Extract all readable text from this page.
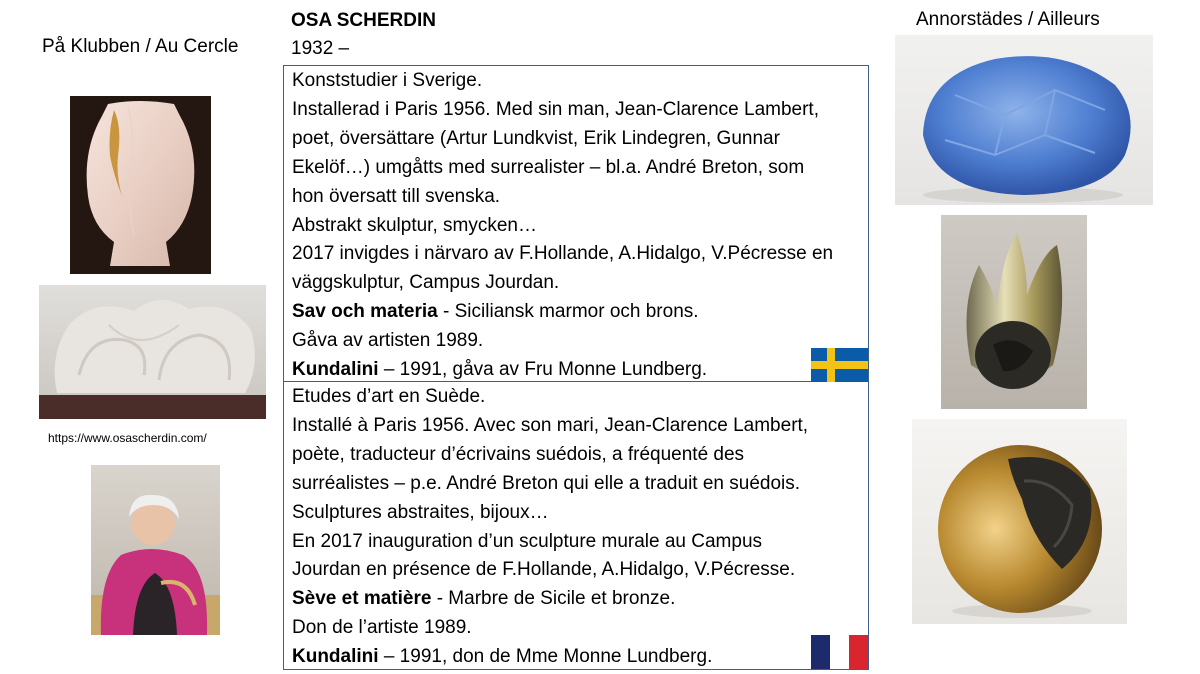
På Klubben / Au Cercle
Annorstädes / Ailleurs
OSA SCHERDIN
1932 –
https://www.osascherdin.com/

Konststudier i Sverige.

Installerad i Paris 1956. Med sin man, Jean-Clarence Lambert,

poet, översättare (Artur Lundkvist, Erik Lindegren, Gunnar

Ekelöf…) umgåtts med surrealister – bl.a. André Breton, som

hon översatt till svenska.

Abstrakt skulptur, smycken…

2017 invigdes i närvaro av F.Hollande, A.Hidalgo, V.Pécresse en

väggskulptur, Campus Jourdan.

Sav och materia - Siciliansk marmor och brons.

Gåva av artisten 1989.

Kundalini – 1991, gåva av Fru Monne Lundberg.

Etudes d’art en Suède.

Installé à Paris 1956. Avec son mari, Jean-Clarence Lambert,

poète, traducteur d’écrivains suédois, a fréquenté des

surréalistes – p.e. André Breton qui elle a traduit en suédois.

Sculptures abstraites, bijoux…

En 2017 inauguration d’un sculpture murale au Campus

Jourdan en présence de F.Hollande, A.Hidalgo, V.Pécresse.

Sève et matière - Marbre de Sicile et bronze.

Don de l’artiste 1989.

Kundalini – 1991, don de Mme Monne Lundberg.
